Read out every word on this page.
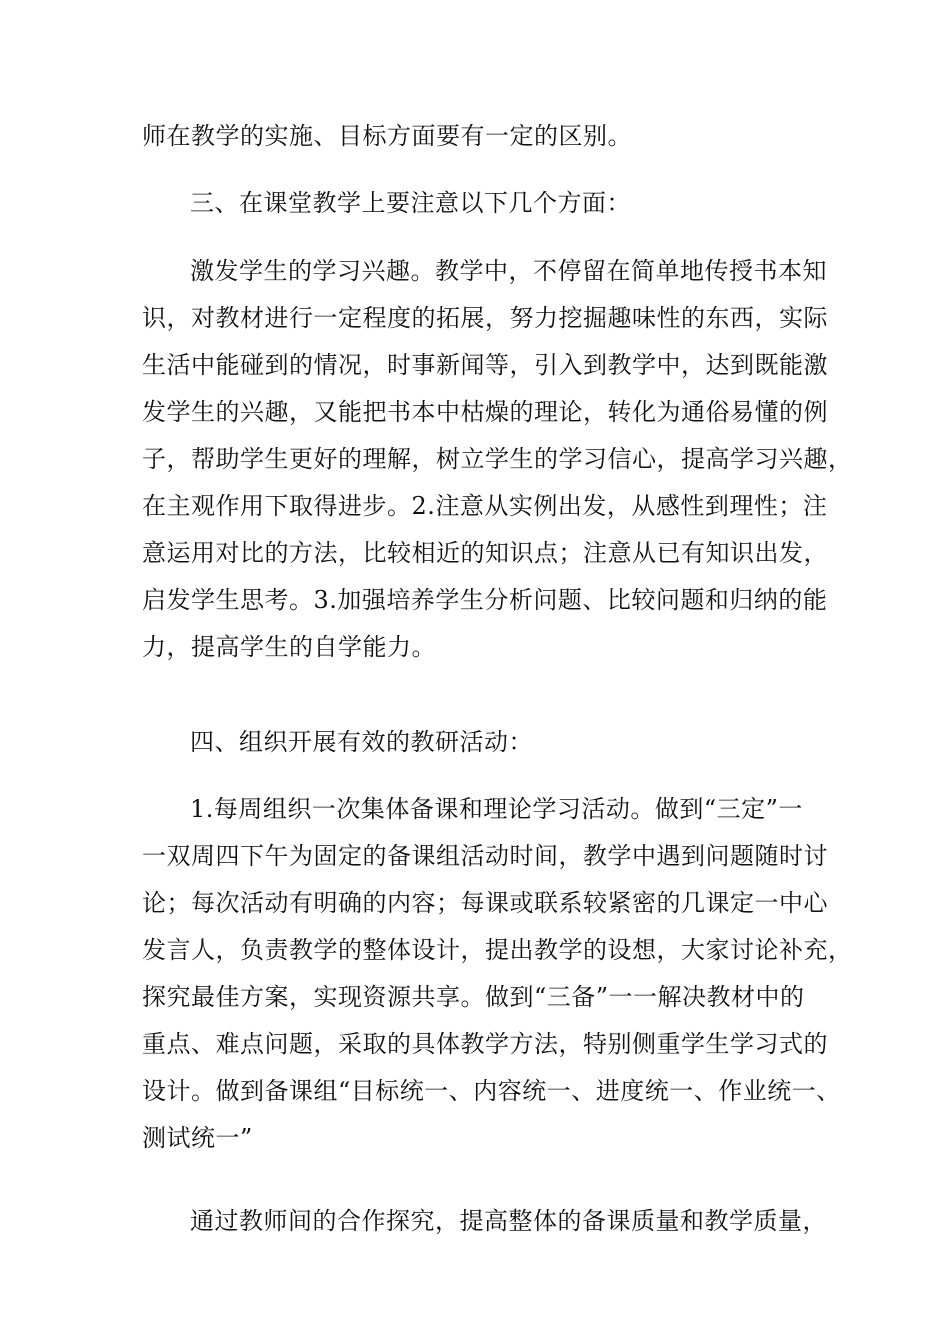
师在教学的实施、目标方面要有一定的区别。

三、在课堂教学上要注意以下几个方面：

激发学生的学习兴趣。教学中，不停留在简单地传授书本知
识，对教材进行一定程度的拓展，努力挖掘趣味性的东西，实际
生活中能碰到的情况，时事新闻等，引入到教学中，达到既能激
发学生的兴趣，又能把书本中枯燥的理论，转化为通俗易懂的例
子，帮助学生更好的理解，树立学生的学习信心，提高学习兴趣，
在主观作用下取得进步。2.注意从实例出发，从感性到理性；注
意运用对比的方法，比较相近的知识点；注意从已有知识出发，
启发学生思考。3.加强培养学生分析问题、比较问题和归纳的能
力，提高学生的自学能力。

四、组织开展有效的教研活动：

1.每周组织一次集体备课和理论学习活动。做到“三定”一
一双周四下午为固定的备课组活动时间，教学中遇到问题随时讨
论；每次活动有明确的内容；每课或联系较紧密的几课定一中心
发言人，负责教学的整体设计，提出教学的设想，大家讨论补充，
探究最佳方案，实现资源共享。做到“三备”一一解决教材中的
重点、难点问题，采取的具体教学方法，特别侧重学生学习式的
设计。做到备课组“目标统一、内容统一、进度统一、作业统一、
测试统一”

通过教师间的合作探究，提高整体的备课质量和教学质量，
